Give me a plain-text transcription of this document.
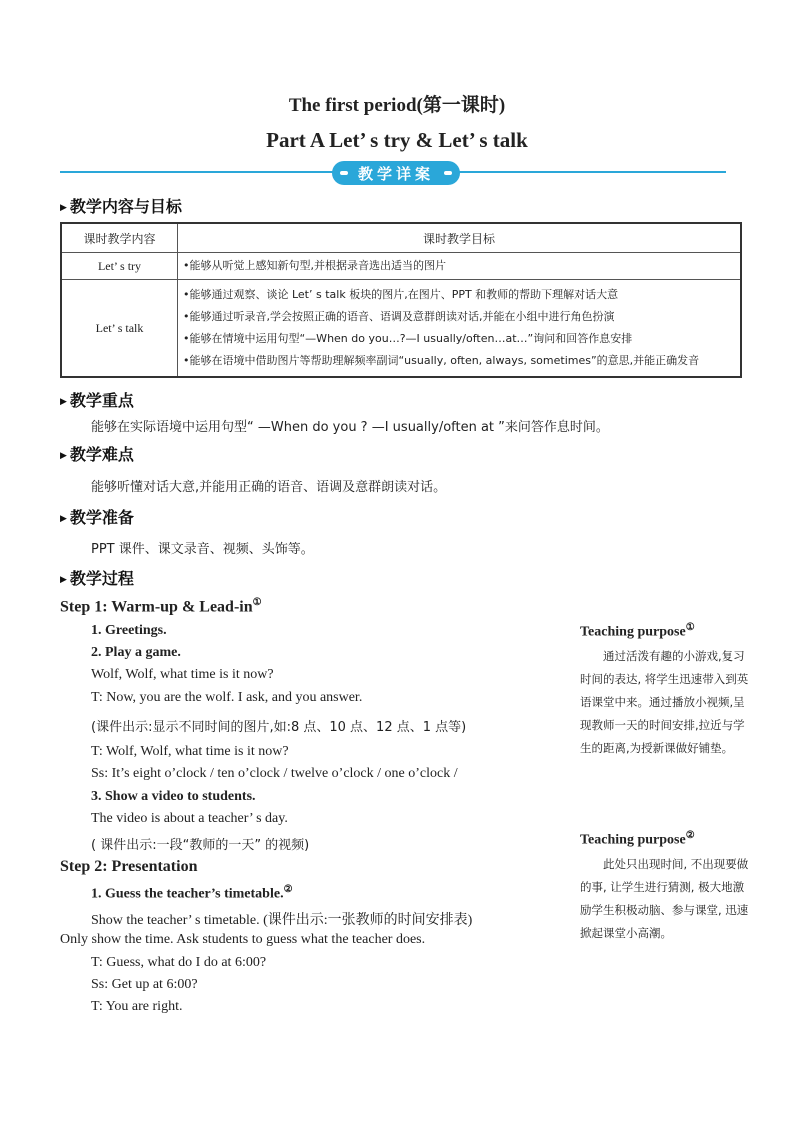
The first period(第一课时)
Part A Let’ s try & Let’ s talk
教学详案
▶ 教学内容与目标
课时教学内容	课时教学目标
Let’ s try	•能够从听觉上感知新句型,并根据录音选出适当的图片

Let’ s talk	•能够通过观察、谈论 Let’ s talk 板块的图片,在图片、PPT 和教师的帮助下理解对话大意
•能够通过听录音,学会按照正确的语音、语调及意群朗读对话,并能在小组中进行角色扮演
•能够在情境中运用句型“—When do you…?—I usually/often…at…”询问和回答作息安排
•能够在语境中借助图片等帮助理解频率副词“usually, often, always, sometimes”的意思,并能正确发音
▶ 教学重点
能够在实际语境中运用句型“ —When do you ? —I usually/often at ”来问答作息时间。
▶ 教学难点
能够听懂对话大意,并能用正确的语音、语调及意群朗读对话。
▶ 教学准备
PPT 课件、课文录音、视频、头饰等。
▶ 教学过程
Step 1: Warm-up & Lead-in①
1. Greetings.
2. Play a game.
Wolf, Wolf, what time is it now?
T: Now, you are the wolf. I ask, and you answer.
(课件出示:显示不同时间的图片,如:8 点、10 点、12 点、1 点等)
T: Wolf, Wolf, what time is it now?
Ss: It’s eight o’clock / ten o’clock / twelve o’clock / one o’clock /
3. Show a video to students.
The video is about a teacher’ s day.
( 课件出示:一段“教师的一天” 的视频)
Step 2: Presentation
1. Guess the teacher’s timetable.②
Show the teacher’ s timetable. (课件出示:一张教师的时间安排表)
Only show the time. Ask students to guess what the teacher does.
T: Guess, what do I do at 6:00?
Ss: Get up at 6:00?
T: You are right.
Teaching purpose①
通过活泼有趣的小游戏,复习时间的表达, 将学生迅速带入到英语课堂中来。通过播放小视频,呈现教师一天的时间安排,拉近与学生的距离,为授新课做好铺垫。
Teaching purpose②
此处只出现时间, 不出现要做的事, 让学生进行猜测, 极大地激励学生积极动脑、参与课堂, 迅速掀起课堂小高潮。
